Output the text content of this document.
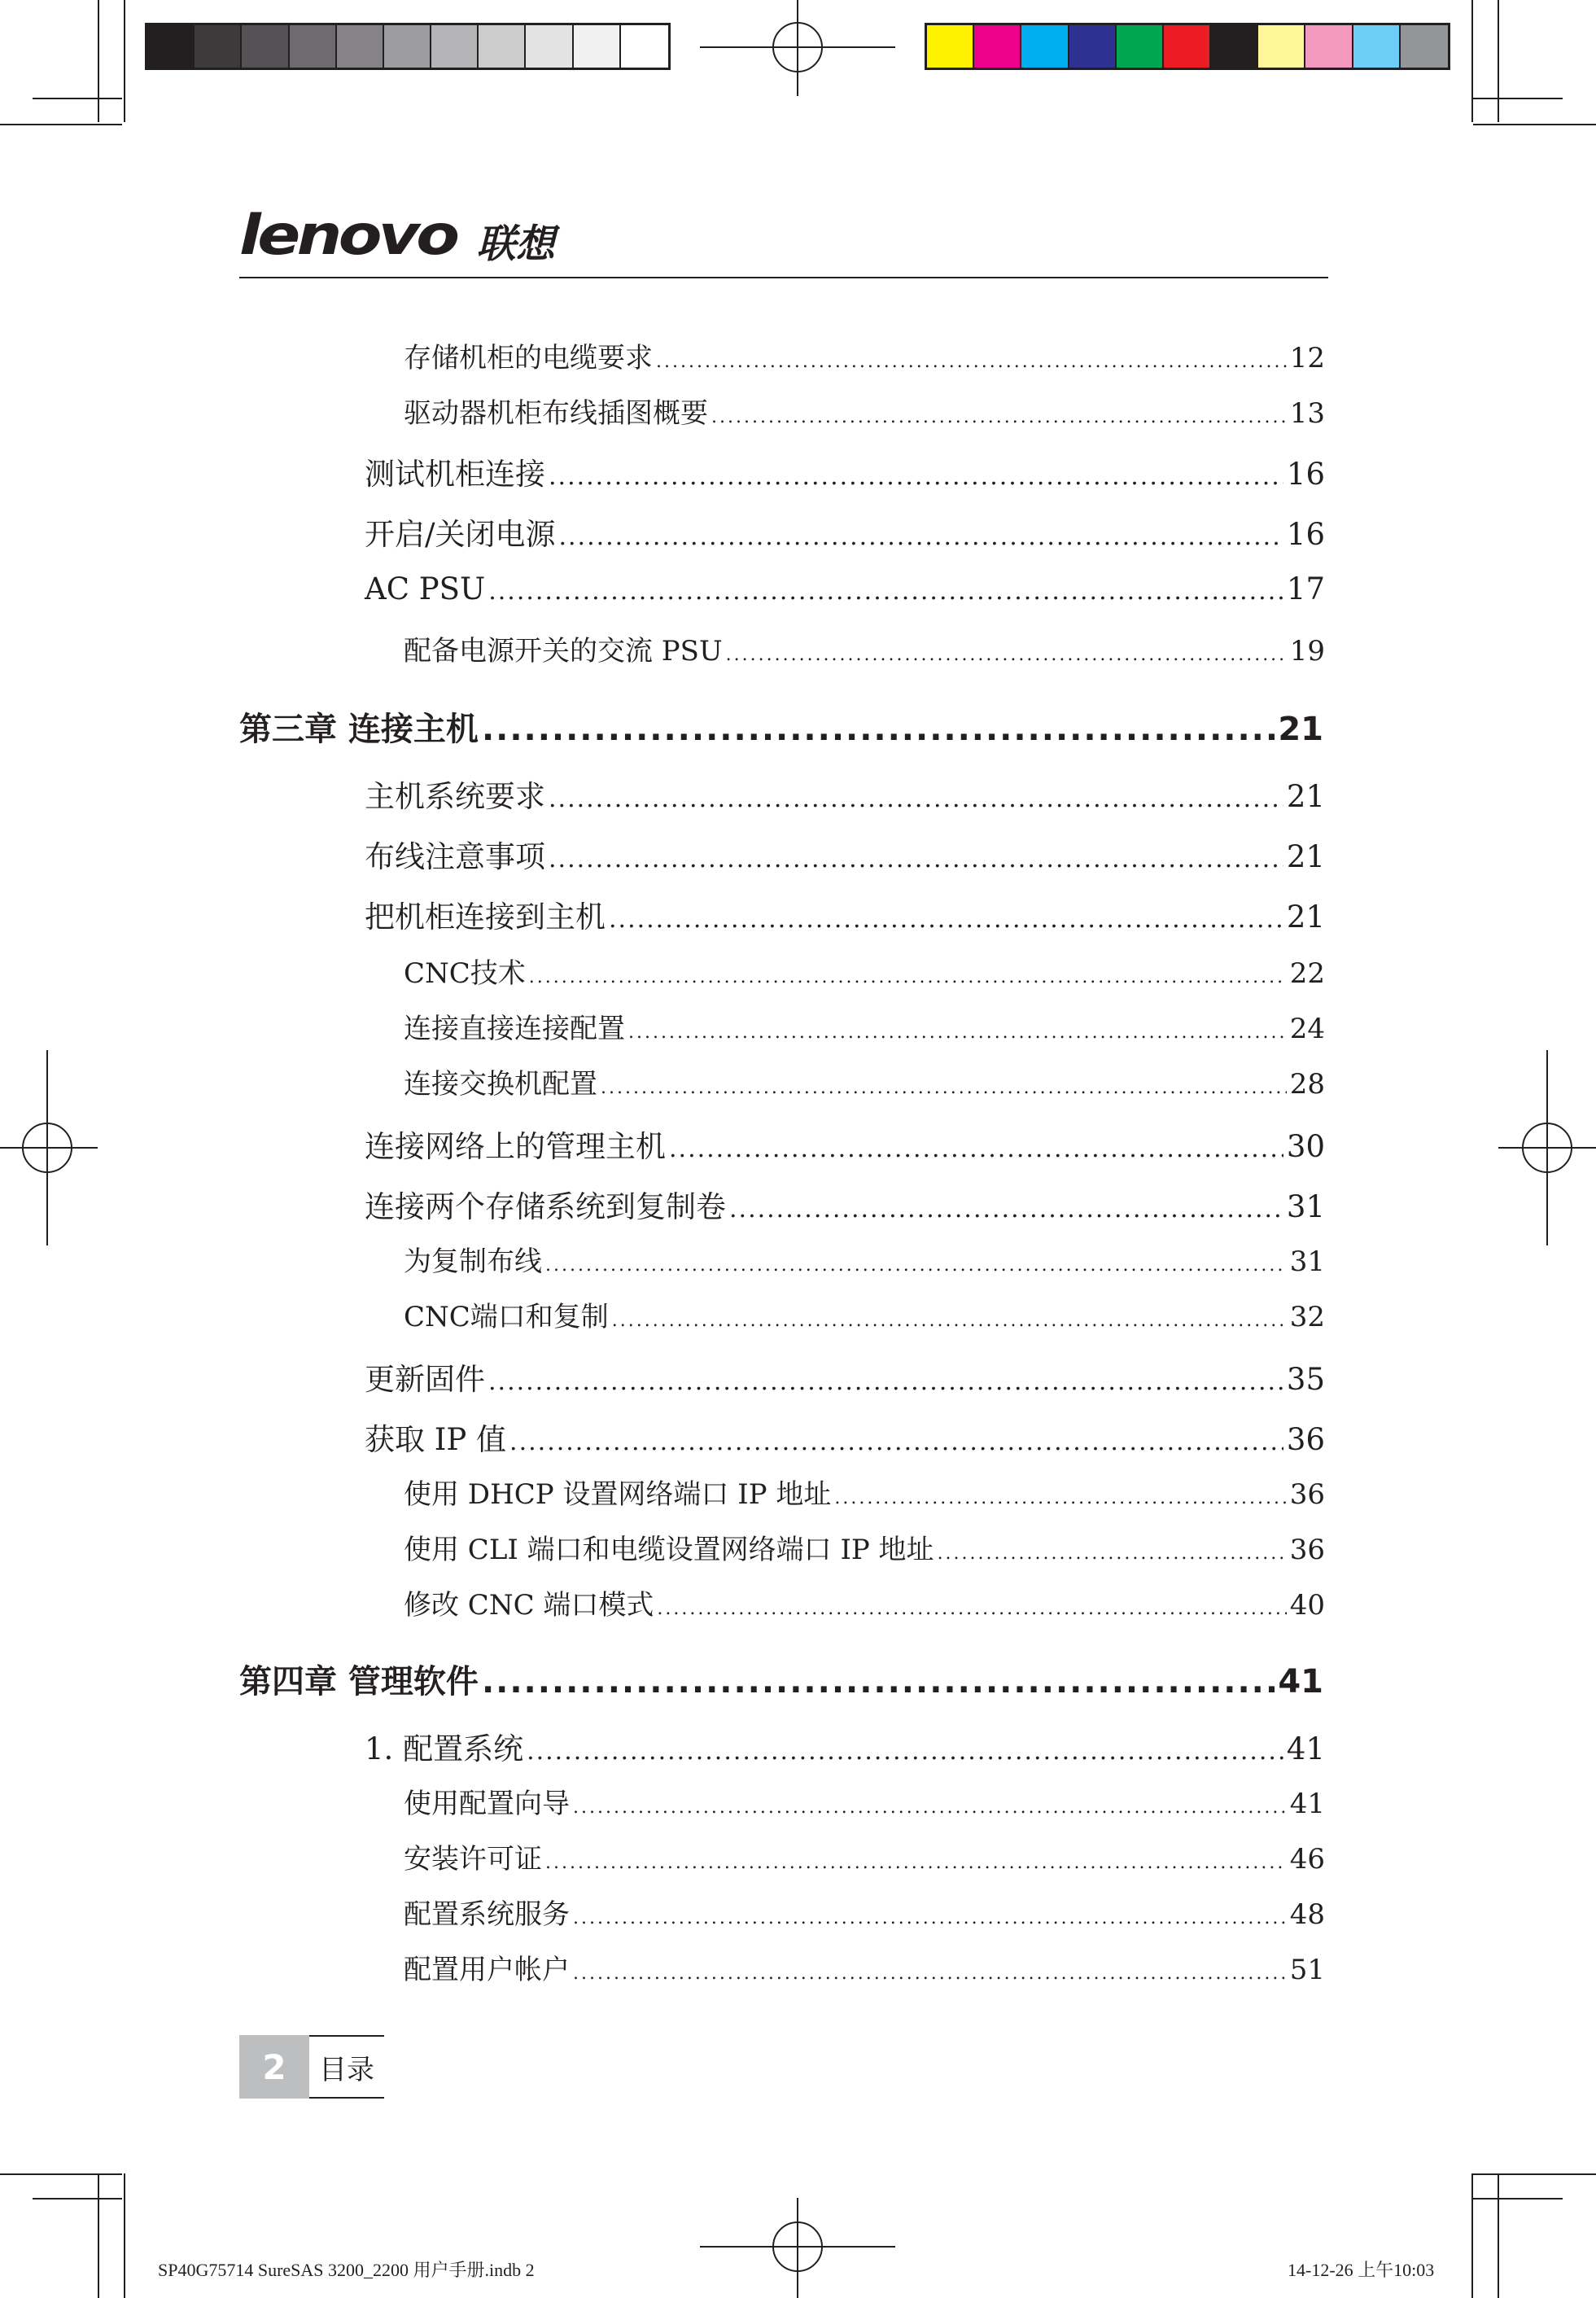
lenovo 联想
存储机柜的电缆要求 .....	12
驱动器机柜布线插图概要 .....	13
测试机柜连接 .....	16
开启/关闭电源 .....	16
AC PSU .....	17
配备电源开关的交流 PSU .....	19
第三章 连接主机 .....	21
主机系统要求 .....	21
布线注意事项 .....	21
把机柜连接到主机 .....	21
CNC技术 .....	22
连接直接连接配置 .....	24
连接交换机配置 .....	28
连接网络上的管理主机 .....	30
连接两个存储系统到复制卷 .....	31
为复制布线 .....	31
CNC端口和复制 .....	32
更新固件 .....	35
获取 IP 值 .....	36
使用 DHCP 设置网络端口 IP 地址 .....	36
使用 CLI 端口和电缆设置网络端口 IP 地址 .....	36
修改 CNC 端口模式 .....	40
第四章 管理软件 .....	41
1. 配置系统 .....	41
使用配置向导 .....	41
安装许可证 .....	46
配置系统服务 .....	48
配置用户帐户 .....	51
2	目录
SP40G75714 SureSAS 3200_2200 用户手册.indb 2	14-12-26 上午10:03
